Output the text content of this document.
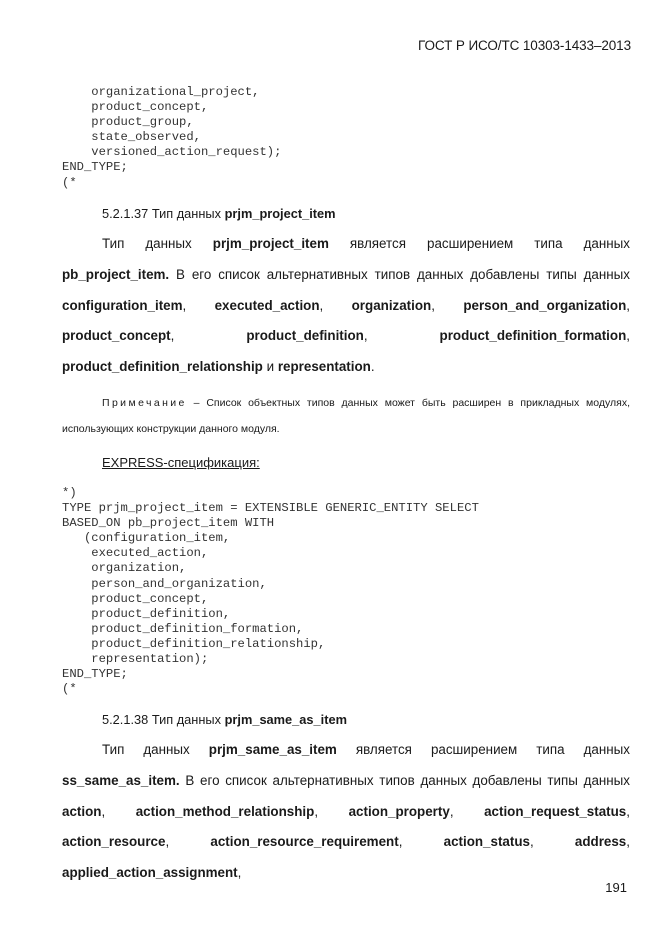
ГОСТ Р ИСО/ТС 10303-1433–2013
organizational_project,
product_concept,
product_group,
state_observed,
versioned_action_request);
END_TYPE;
(*
5.2.1.37 Тип данных prjm_project_item
Тип данных prjm_project_item является расширением типа данных pb_project_item. В его список альтернативных типов данных добавлены типы данных configuration_item, executed_action, organization, person_and_organization, product_concept, product_definition, product_definition_formation, product_definition_relationship и representation.
Примечание – Список объектных типов данных может быть расширен в прикладных модулях, использующих конструкции данного модуля.
EXPRESS-спецификация:
*)
TYPE prjm_project_item = EXTENSIBLE GENERIC_ENTITY SELECT
BASED_ON pb_project_item WITH
(configuration_item,
executed_action,
organization,
person_and_organization,
product_concept,
product_definition,
product_definition_formation,
product_definition_relationship,
representation);
END_TYPE;
(*
5.2.1.38 Тип данных prjm_same_as_item
Тип данных prjm_same_as_item является расширением типа данных ss_same_as_item. В его список альтернативных типов данных добавлены типы данных action, action_method_relationship, action_property, action_request_status, action_resource, action_resource_requirement, action_status, address, applied_action_assignment,
191
